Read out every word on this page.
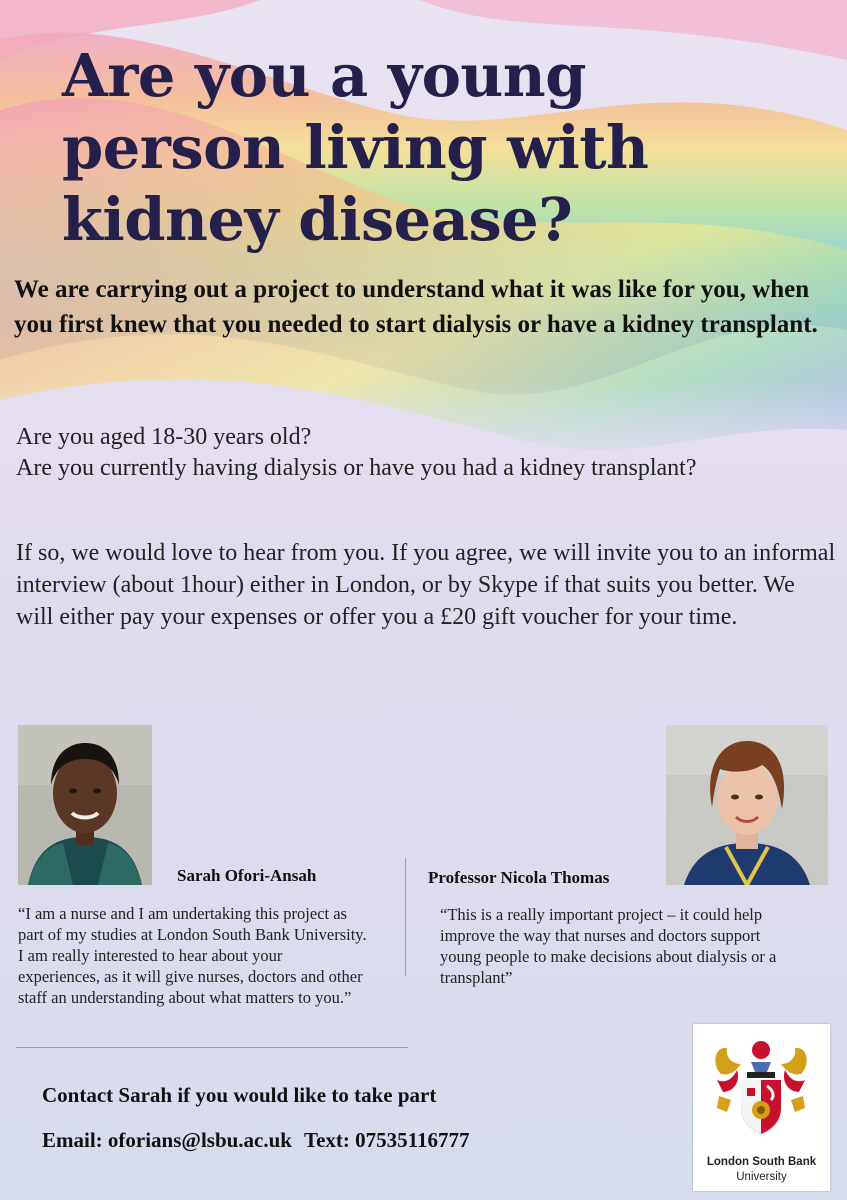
Are you a young person living with kidney disease?

We are carrying out a project to understand what it was like for you, when you first knew that you needed to start dialysis or have a kidney transplant.

Are you aged 18-30 years old?
Are you currently having dialysis or have you had a kidney transplant?

If so, we would love to hear from you. If you agree, we will invite you to an informal interview (about 1hour) either in London, or by Skype if that suits you better. We will either pay your expenses or offer you a £20 gift voucher for your time.

Sarah Ofori-Ansah

“I am a nurse and I am undertaking this project as part of my studies at London South Bank University. I am really interested to hear about your experiences, as it will give nurses, doctors and other staff an understanding about what matters to you.”

Professor Nicola Thomas

“This is a really important project – it could help improve the way that nurses and doctors support young people to make decisions about dialysis or a transplant”

Contact Sarah if you would like to take part

Email: oforians@lsbu.ac.uk Text: 07535116777

London South Bank
University
